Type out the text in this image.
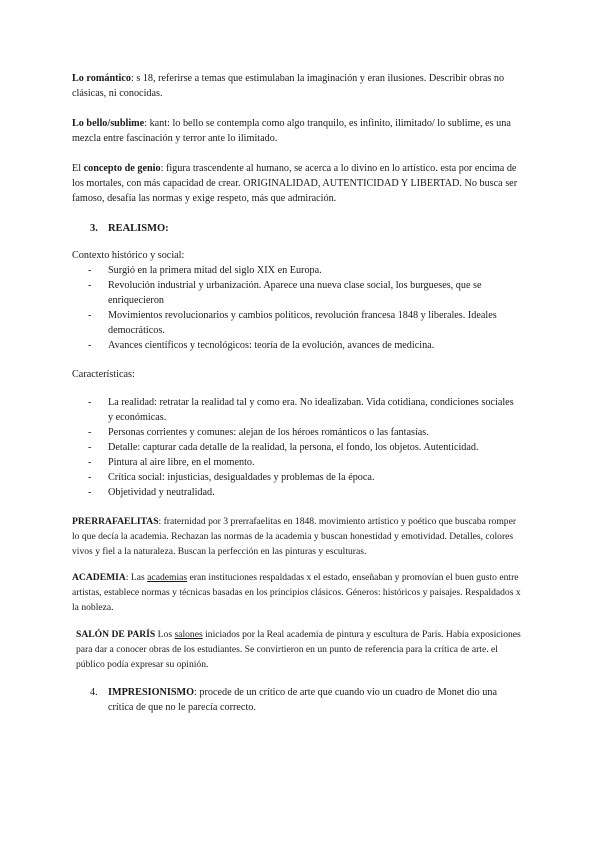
Lo romántico: s 18, referirse a temas que estimulaban la imaginación y eran ilusiones. Describir obras no clásicas, ni conocidas.

Lo bello/sublime: kant: lo bello se contempla como algo tranquilo, es infinito, ilimitado/ lo sublime, es una mezcla entre fascinación y terror ante lo ilimitado.

El concepto de genio: figura trascendente al humano, se acerca a lo divino en lo artístico. esta por encima de los mortales, con más capacidad de crear. ORIGINALIDAD, AUTENTICIDAD Y LIBERTAD. No busca ser famoso, desafía las normas y exige respeto, más que admiración.

3. REALISMO:

Contexto histórico y social:

- Surgió en la primera mitad del siglo XIX en Europa.
- Revolución industrial y urbanización. Aparece una nueva clase social, los burgueses, que se enriquecieron
- Movimientos revolucionarios y cambios políticos, revolución francesa 1848 y liberales. Ideales democráticos.
- Avances científicos y tecnológicos: teoría de la evolución, avances de medicina.

Características:

- La realidad: retratar la realidad tal y como era. No idealizaban. Vida cotidiana, condiciones sociales y económicas.
- Personas corrientes y comunes: alejan de los héroes románticos o las fantasías.
- Detalle: capturar cada detalle de la realidad, la persona, el fondo, los objetos. Autenticidad.
- Pintura al aire libre, en el momento.
- Crítica social: injusticias, desigualdades y problemas de la época.
- Objetividad y neutralidad.

PRERRAFAELITAS: fraternidad por 3 prerrafaelitas en 1848. movimiento artístico y poético que buscaba romper lo que decía la academia. Rechazan las normas de la academia y buscan honestidad y emotividad. Detalles, colores vivos y fiel a la naturaleza. Buscan la perfección en las pinturas y esculturas.

ACADEMIA: Las academias eran instituciones respaldadas x el estado, enseñaban y promovían el buen gusto entre artistas, establece normas y técnicas basadas en los principios clásicos. Géneros: históricos y paisajes. Respaldados x la nobleza.

SALÓN DE PARÍS Los salones iniciados por la Real academia de pintura y escultura de París. Había exposiciones para dar a conocer obras de los estudiantes. Se convirtieron en un punto de referencia para la crítica de arte. el público podía expresar su opinión.

4. IMPRESIONISMO: procede de un crítico de arte que cuando vio un cuadro de Monet dio una crítica de que no le parecía correcto.
